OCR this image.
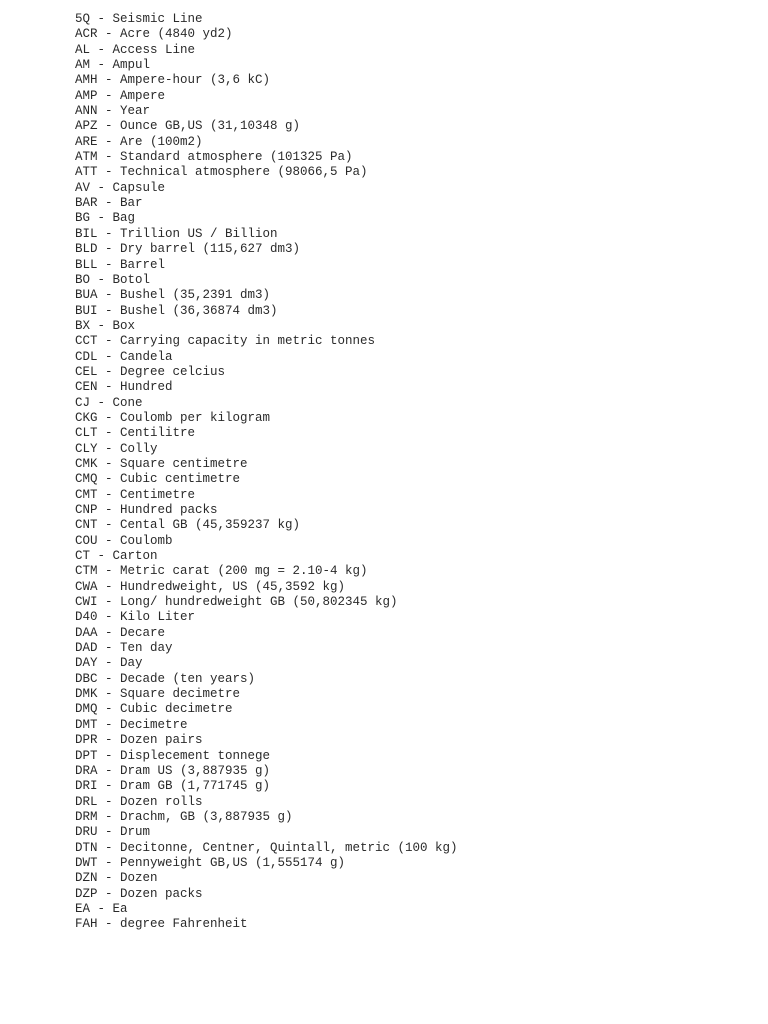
5Q - Seismic Line
ACR - Acre (4840 yd2)
AL - Access Line
AM - Ampul
AMH - Ampere-hour (3,6 kC)
AMP - Ampere
ANN - Year
APZ - Ounce GB,US (31,10348 g)
ARE - Are (100m2)
ATM - Standard atmosphere (101325 Pa)
ATT - Technical atmosphere (98066,5 Pa)
AV - Capsule
BAR - Bar
BG - Bag
BIL - Trillion US / Billion
BLD - Dry barrel (115,627 dm3)
BLL - Barrel
BO - Botol
BUA - Bushel (35,2391 dm3)
BUI - Bushel (36,36874 dm3)
BX - Box
CCT - Carrying capacity in metric tonnes
CDL - Candela
CEL - Degree celcius
CEN - Hundred
CJ - Cone
CKG - Coulomb per kilogram
CLT - Centilitre
CLY - Colly
CMK - Square centimetre
CMQ - Cubic centimetre
CMT - Centimetre
CNP - Hundred packs
CNT - Cental GB (45,359237 kg)
COU - Coulomb
CT - Carton
CTM - Metric carat (200 mg = 2.10-4 kg)
CWA - Hundredweight, US (45,3592 kg)
CWI - Long/ hundredweight GB (50,802345 kg)
D40 - Kilo Liter
DAA - Decare
DAD - Ten day
DAY - Day
DBC - Decade (ten years)
DMK - Square decimetre
DMQ - Cubic decimetre
DMT - Decimetre
DPR - Dozen pairs
DPT - Displecement tonnege
DRA - Dram US (3,887935 g)
DRI - Dram GB (1,771745 g)
DRL - Dozen rolls
DRM - Drachm, GB (3,887935 g)
DRU - Drum
DTN - Decitonne, Centner, Quintall, metric (100 kg)
DWT - Pennyweight GB,US (1,555174 g)
DZN - Dozen
DZP - Dozen packs
EA - Ea
FAH - degree Fahrenheit
